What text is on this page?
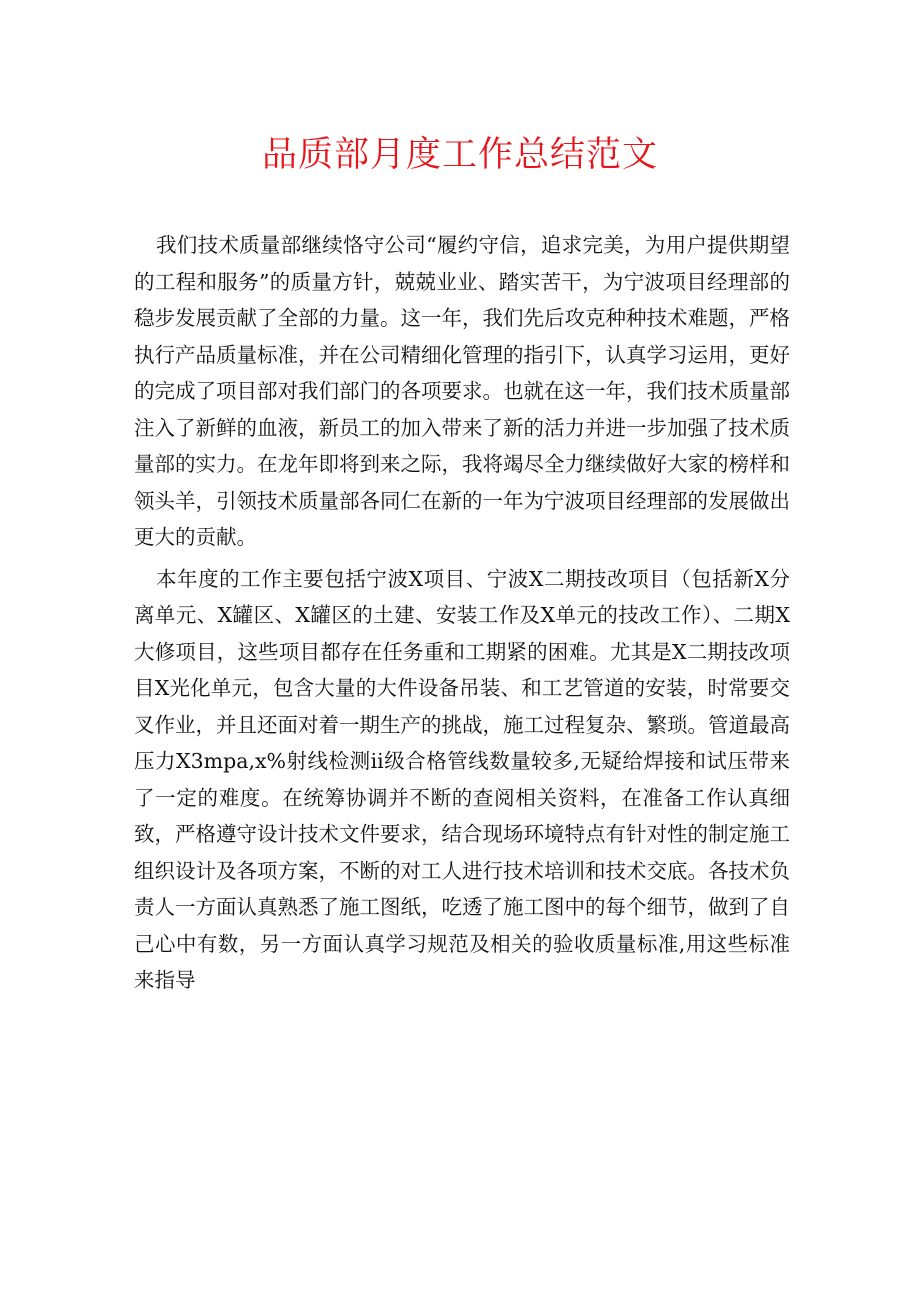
品质部月度工作总结范文

我们技术质量部继续恪守公司“履约守信，追求完美，为用户提供期望的工程和服务”的质量方针，兢兢业业、踏实苦干，为宁波项目经理部的稳步发展贡献了全部的力量。这一年，我们先后攻克种种技术难题，严格执行产品质量标准，并在公司精细化管理的指引下，认真学习运用，更好的完成了项目部对我们部门的各项要求。也就在这一年，我们技术质量部注入了新鲜的血液，新员工的加入带来了新的活力并进一步加强了技术质量部的实力。在龙年即将到来之际，我将竭尽全力继续做好大家的榜样和领头羊，引领技术质量部各同仁在新的一年为宁波项目经理部的发展做出更大的贡献。

本年度的工作主要包括宁波X项目、宁波X二期技改项目（包括新X分离单元、X罐区、X罐区的土建、安装工作及X单元的技改工作）、二期X大修项目，这些项目都存在任务重和工期紧的困难。尤其是X二期技改项目X光化单元，包含大量的大件设备吊装、和工艺管道的安装，时常要交叉作业，并且还面对着一期生产的挑战，施工过程复杂、繁琐。管道最高压力X3mpa,x%射线检测ii级合格管线数量较多,无疑给焊接和试压带来了一定的难度。在统筹协调并不断的查阅相关资料，在准备工作认真细致，严格遵守设计技术文件要求，结合现场环境特点有针对性的制定施工组织设计及各项方案，不断的对工人进行技术培训和技术交底。各技术负责人一方面认真熟悉了施工图纸，吃透了施工图中的每个细节，做到了自己心中有数，另一方面认真学习规范及相关的验收质量标准,用这些标准来指导
